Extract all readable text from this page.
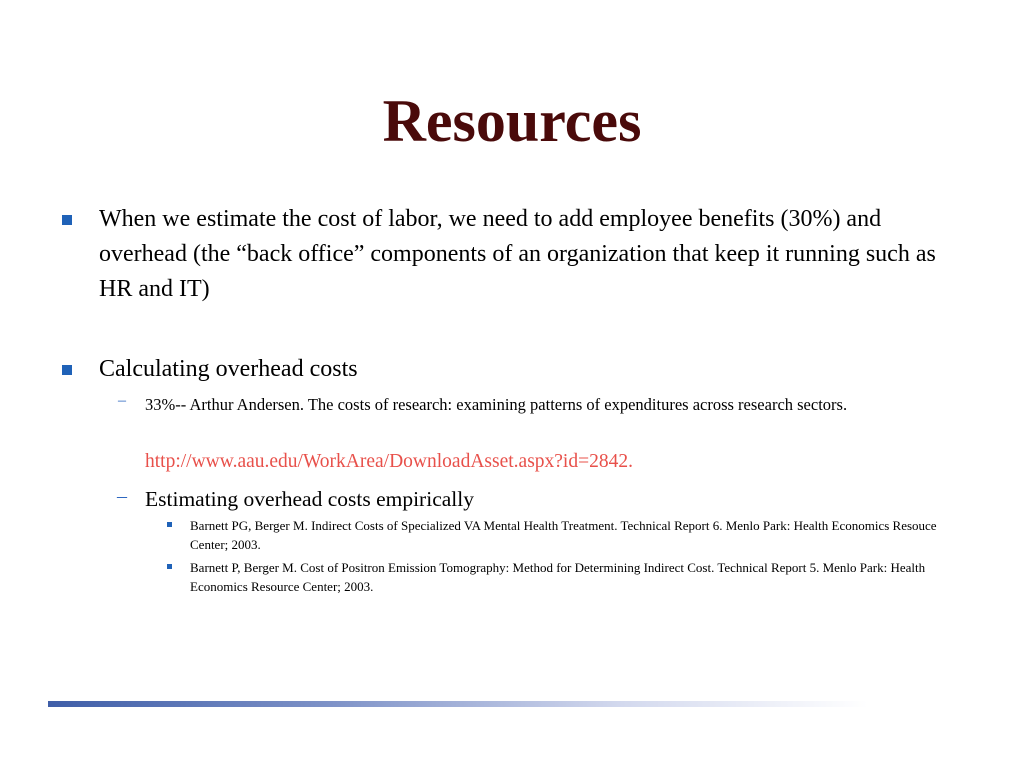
Resources
When we estimate the cost of labor, we need to add employee benefits (30%) and overhead (the “back office” components of an organization that keep it running such as HR and IT)
Calculating overhead costs
– 33%-- Arthur Andersen. The costs of research: examining patterns of expenditures across research sectors.
http://www.aau.edu/WorkArea/DownloadAsset.aspx?id=2842.
– Estimating overhead costs empirically
Barnett PG, Berger M. Indirect Costs of Specialized VA Mental Health Treatment. Technical Report 6. Menlo Park: Health Economics Resouce Center; 2003.
Barnett P, Berger M. Cost of Positron Emission Tomography: Method for Determining Indirect Cost. Technical Report 5. Menlo Park: Health Economics Resource Center; 2003.
